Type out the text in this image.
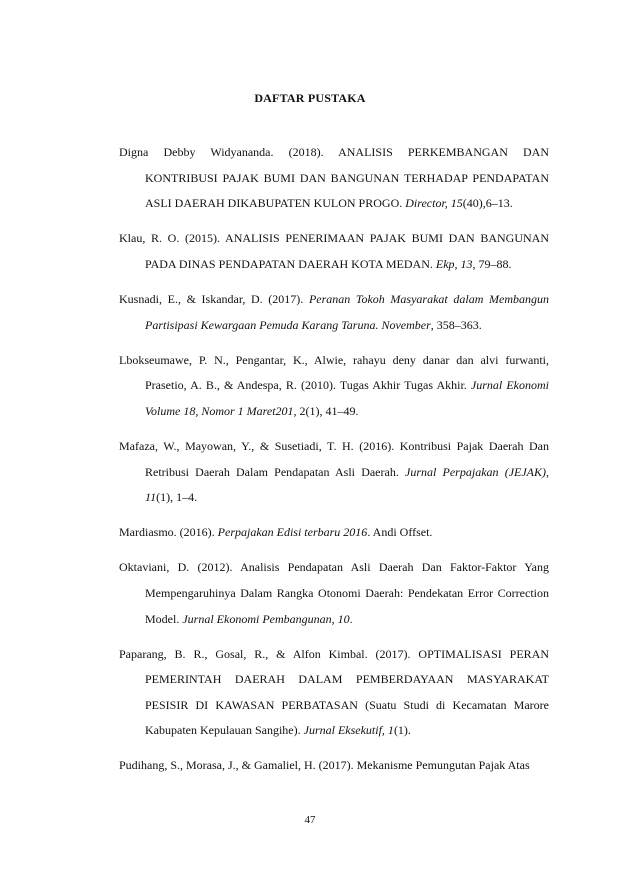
DAFTAR PUSTAKA

Digna Debby Widyananda. (2018). ANALISIS PERKEMBANGAN DAN KONTRIBUSI PAJAK BUMI DAN BANGUNAN TERHADAP PENDAPATAN ASLI DAERAH DIKABUPATEN KULON PROGO. Director, 15(40),6–13.

Klau, R. O. (2015). ANALISIS PENERIMAAN PAJAK BUMI DAN BANGUNAN PADA DINAS PENDAPATAN DAERAH KOTA MEDAN. Ekp, 13, 79–88.

Kusnadi, E., & Iskandar, D. (2017). Peranan Tokoh Masyarakat dalam Membangun Partisipasi Kewargaan Pemuda Karang Taruna. November, 358–363.

Lbokseumawe, P. N., Pengantar, K., Alwie, rahayu deny danar dan alvi furwanti, Prasetio, A. B., & Andespa, R. (2010). Tugas Akhir Tugas Akhir. Jurnal Ekonomi Volume 18, Nomor 1 Maret201, 2(1), 41–49.

Mafaza, W., Mayowan, Y., & Susetiadi, T. H. (2016). Kontribusi Pajak Daerah Dan Retribusi Daerah Dalam Pendapatan Asli Daerah. Jurnal Perpajakan (JEJAK), 11(1), 1–4.

Mardiasmo. (2016). Perpajakan Edisi terbaru 2016. Andi Offset.

Oktaviani, D. (2012). Analisis Pendapatan Asli Daerah Dan Faktor-Faktor Yang Mempengaruhinya Dalam Rangka Otonomi Daerah: Pendekatan Error Correction Model. Jurnal Ekonomi Pembangunan, 10.

Paparang, B. R., Gosal, R., & Alfon Kimbal. (2017). OPTIMALISASI PERAN PEMERINTAH DAERAH DALAM PEMBERDAYAAN MASYARAKAT PESISIR DI KAWASAN PERBATASAN (Suatu Studi di Kecamatan Marore Kabupaten Kepulauan Sangihe). Jurnal Eksekutif, 1(1).

Pudihang, S., Morasa, J., & Gamaliel, H. (2017). Mekanisme Pemungutan Pajak Atas

47
